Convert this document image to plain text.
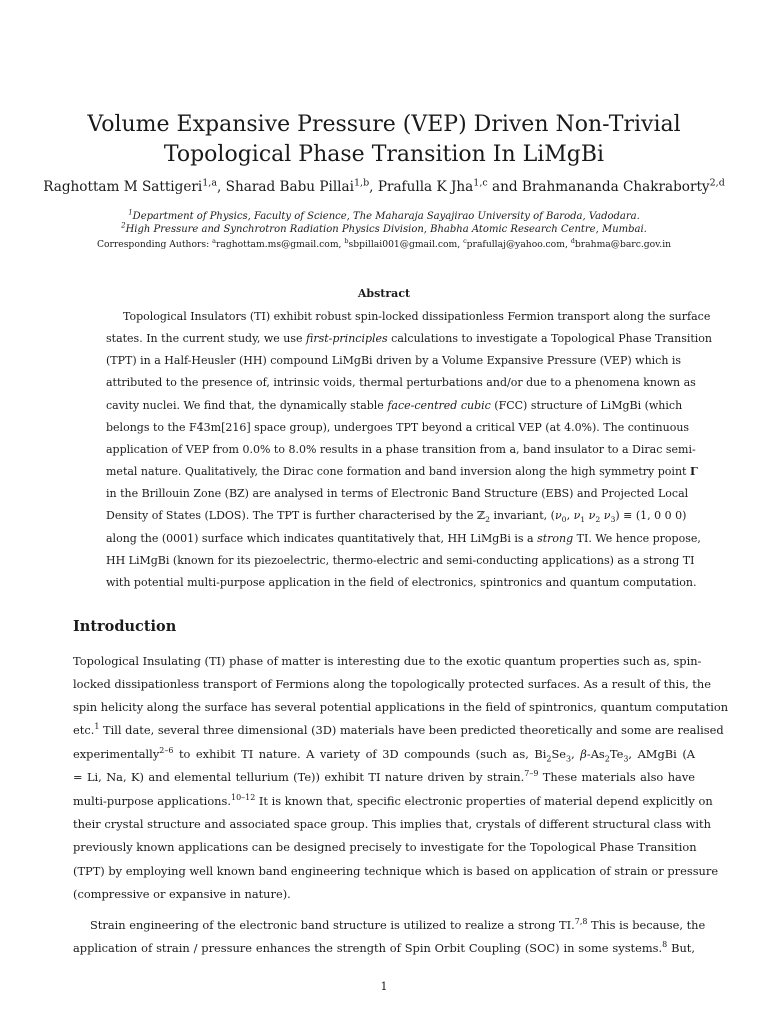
Volume Expansive Pressure (VEP) Driven Non-Trivial
Topological Phase Transition In LiMgBi
Raghottam M Sattigeri$^{1,a}$, Sharad Babu Pillai$^{1,b}$, Prafulla K Jha$^{1,c}$ and Brahmananda Chakraborty$^{2,d}$
$^1$Department of Physics, Faculty of Science, The Maharaja Sayajirao University of Baroda, Vadodara.
$^2$High Pressure and Synchrotron Radiation Physics Division, Bhabha Atomic Research Centre, Mumbai.
Corresponding Authors: $^a$raghottam.ms@gmail.com, $^b$sbpillai001@gmail.com, $^c$prafullaj@yahoo.com, $^d$brahma@barc.gov.in
Abstract
Topological Insulators (TI) exhibit robust spin-locked dissipationless Fermion transport along the surface
states. In the current study, we use first-principles calculations to investigate a Topological Phase Transition
(TPT) in a Half-Heusler (HH) compound LiMgBi driven by a Volume Expansive Pressure (VEP) which is
attributed to the presence of, intrinsic voids, thermal perturbations and/or due to a phenomena known as
cavity nuclei. We find that, the dynamically stable face-centred cubic (FCC) structure of LiMgBi (which
belongs to the F4̄3m[216] space group), undergoes TPT beyond a critical VEP (at 4.0%). The continuous
application of VEP from 0.0% to 8.0% results in a phase transition from a, band insulator to a Dirac semi-
metal nature. Qualitatively, the Dirac cone formation and band inversion along the high symmetry point Γ
in the Brillouin Zone (BZ) are analysed in terms of Electronic Band Structure (EBS) and Projected Local
Density of States (LDOS). The TPT is further characterised by the ℤ$_2$ invariant, ($\nu_0$, $\nu_1$ $\nu_2$ $\nu_3) \equiv (1$, 0 0 0)
along the (0001) surface which indicates quantitatively that, HH LiMgBi is a strong TI. We hence propose,
HH LiMgBi (known for its piezoelectric, thermo-electric and semi-conducting applications) as a strong TI
with potential multi-purpose application in the field of electronics, spintronics and quantum computation.
Introduction
Topological Insulating (TI) phase of matter is interesting due to the exotic quantum properties such as, spin-
locked dissipationless transport of Fermions along the topologically protected surfaces. As a result of this, the
spin helicity along the surface has several potential applications in the field of spintronics, quantum computation
etc.$^1$ Till date, several three dimensional (3D) materials have been predicted theoretically and some are realised
experimentally$^{2-6}$ to exhibit TI nature. A variety of 3D compounds (such as, $Bi_2Se_3$, $\beta-As_2Te_3$, AMgBi (A
= Li, Na, K) and elemental tellurium (Te)) exhibit TI nature driven by strain.$^{7-9}$ These materials also have
multi-purpose applications.$^{10-12}$ It is known that, specific electronic properties of material depend explicitly on
their crystal structure and associated space group. This implies that, crystals of different structural class with
previously known applications can be designed precisely to investigate for the Topological Phase Transition
(TPT) by employing well known band engineering technique which is based on application of strain or pressure
(compressive or expansive in nature).
Strain engineering of the electronic band structure is utilized to realize a strong TI.$^{7,8}$ This is because, the
application of strain / pressure enhances the strength of Spin Orbit Coupling (SOC) in some systems.$^8$ But,
1
